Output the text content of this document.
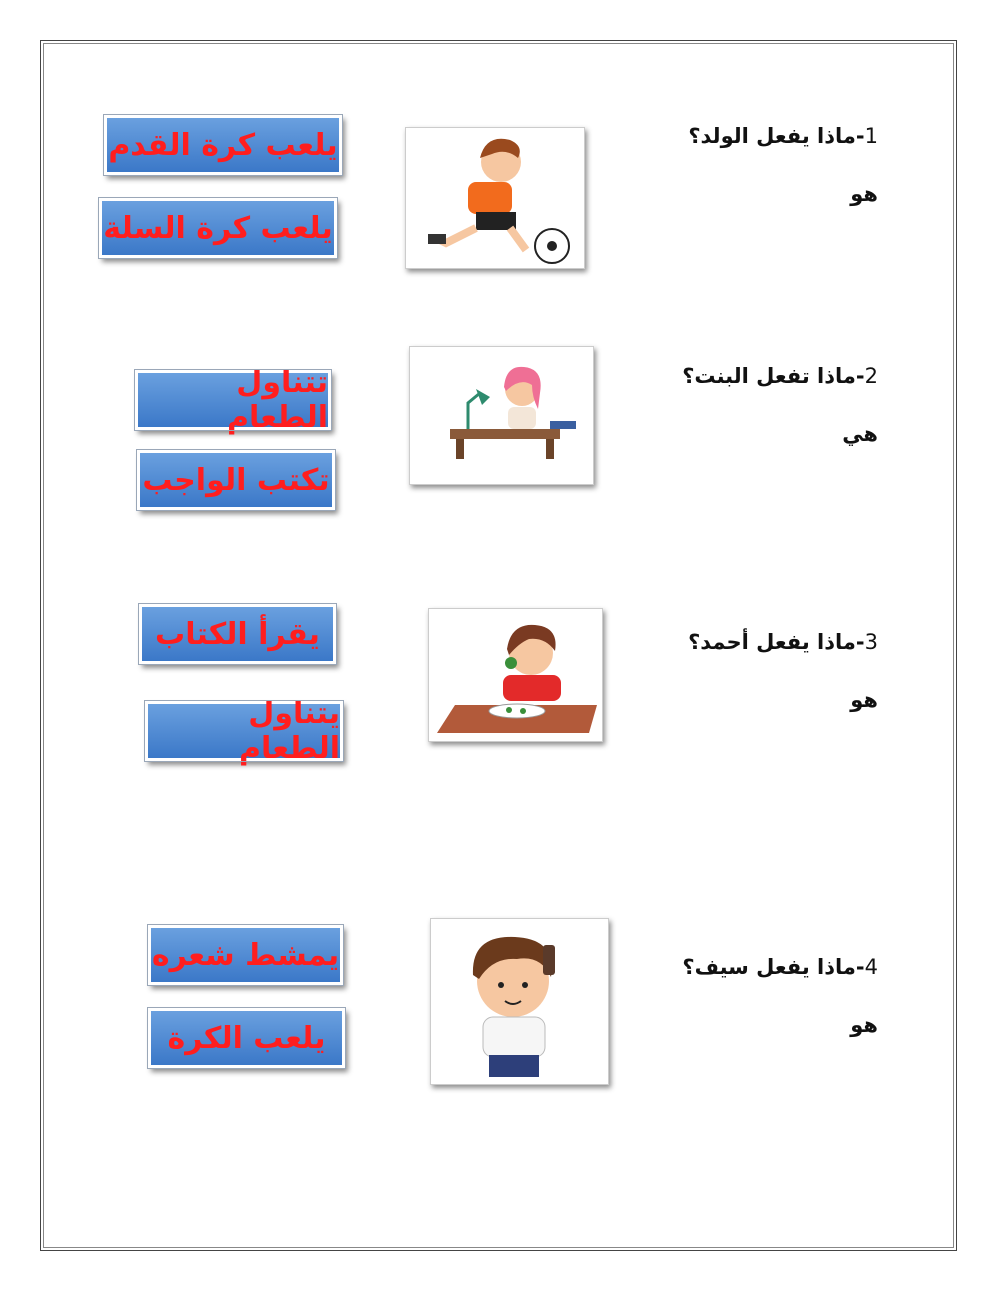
1-ماذا يفعل الولد؟
هو
يلعب كرة القدم
يلعب كرة السلة
2-ماذا تفعل البنت؟
هي
تتناول الطعام
تكتب الواجب
3-ماذا يفعل أحمد؟
هو
يقرأ الكتاب
يتناول الطعام
4-ماذا يفعل سيف؟
هو
يمشط شعره
يلعب الكرة
